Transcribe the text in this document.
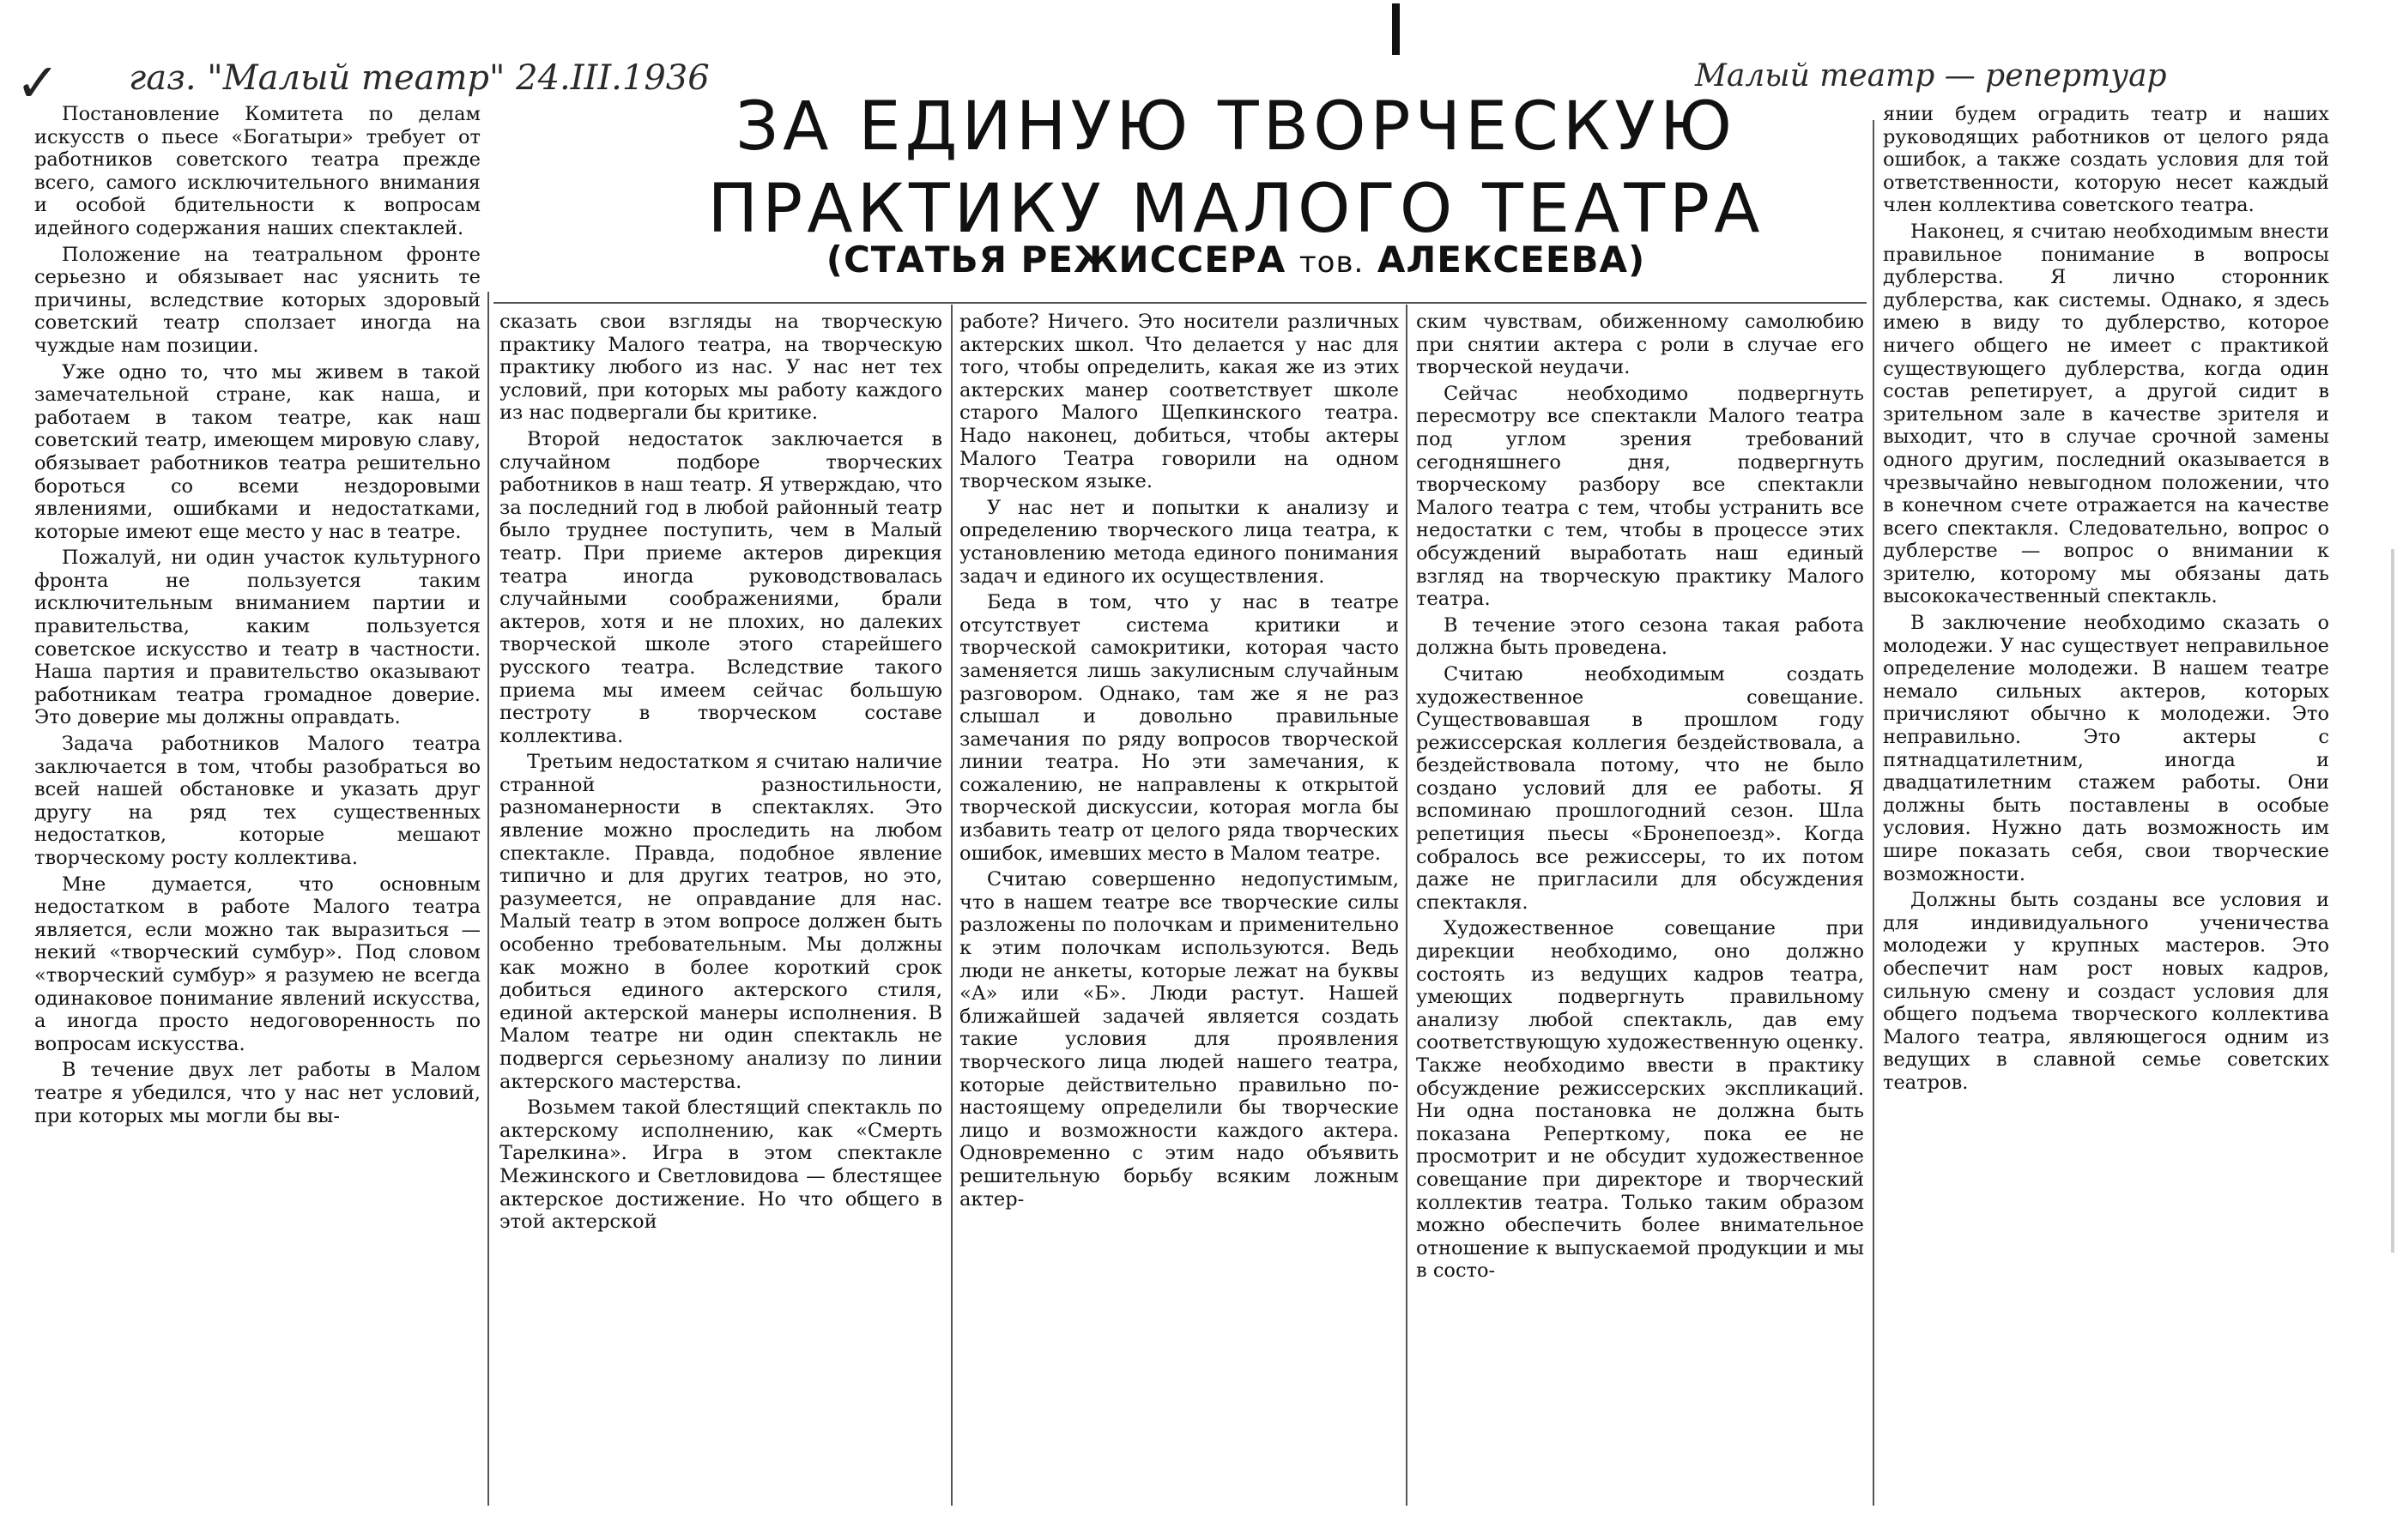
✓ газ. "Малый театр" 24.III.1936	Малый театр — репертуар
ЗА ЕДИНУЮ ТВОРЧЕСКУЮ
ПРАКТИКУ МАЛОГО ТЕАТРА
(СТАТЬЯ РЕЖИССЕРА тов. АЛЕКСЕЕВА)

Постановление Комитета по делам искусств о пьесе «Богатыри» требует от работников советского театра прежде всего, самого исключительного внимания и особой бдительности к вопросам идейного содержания наших спектаклей.

Положение на театральном фронте серьезно и обязывает нас уяснить те причины, вследствие которых здоровый советский театр сползает иногда на чуждые нам позиции.

Уже одно то, что мы живем в такой замечательной стране, как наша, и работаем в таком театре, как наш советский театр, имеющем мировую славу, обязывает работников театра решительно бороться со всеми нездоровыми явлениями, ошибками и недостатками, которые имеют еще место у нас в театре.

Пожалуй, ни один участок культурного фронта не пользуется таким исключительным вниманием партии и правительства, каким пользуется советское искусство и театр в частности. Наша партия и правительство оказывают работникам театра громадное доверие. Это доверие мы должны оправдать.

Задача работников Малого театра заключается в том, чтобы разобраться во всей нашей обстановке и указать друг другу на ряд тех существенных недостатков, которые мешают творческому росту коллектива.

Мне думается, что основным недостатком в работе Малого театра является, если можно так выразиться — некий «творческий сумбур». Под словом «творческий сумбур» я разумею не всегда одинаковое понимание явлений искусства, а иногда просто недоговоренность по вопросам искусства.

В течение двух лет работы в Малом театре я убедился, что у нас нет условий, при которых мы могли бы вы-

сказать свои взгляды на творческую практику Малого театра, на творческую практику любого из нас. У нас нет тех условий, при которых мы работу каждого из нас подвергали бы критике.

Второй недостаток заключается в случайном подборе творческих работников в наш театр. Я утверждаю, что за последний год в любой районный театр было труднее поступить, чем в Малый театр. При приеме актеров дирекция театра иногда руководствовалась случайными соображениями, брали актеров, хотя и не плохих, но далеких творческой школе этого старейшего русского театра. Вследствие такого приема мы имеем сейчас большую пестроту в творческом составе коллектива.

Третьим недостатком я считаю наличие странной разностильности, разноманерности в спектаклях. Это явление можно проследить на любом спектакле. Правда, подобное явление типично и для других театров, но это, разумеется, не оправдание для нас. Малый театр в этом вопросе должен быть особенно требовательным. Мы должны как можно в более короткий срок добиться единого актерского стиля, единой актерской манеры исполнения. В Малом театре ни один спектакль не подвергся серьезному анализу по линии актерского мастерства.

Возьмем такой блестящий спектакль по актерскому исполнению, как «Смерть Тарелкина». Игра в этом спектакле Межинского и Светловидова — блестящее актерское достижение. Но что общего в этой актерской

работе? Ничего. Это носители различных актерских школ. Что делается у нас для того, чтобы определить, какая же из этих актерских манер соответствует школе старого Малого Щепкинского театра. Надо наконец, добиться, чтобы актеры Малого Театра говорили на одном творческом языке.

У нас нет и попытки к анализу и определению творческого лица театра, к установлению метода единого понимания задач и единого их осуществления.

Беда в том, что у нас в театре отсутствует система критики и творческой самокритики, которая часто заменяется лишь закулисным случайным разговором. Однако, там же я не раз слышал и довольно правильные замечания по ряду вопросов творческой линии театра. Но эти замечания, к сожалению, не направлены к открытой творческой дискуссии, которая могла бы избавить театр от целого ряда творческих ошибок, имевших место в Малом театре.

Считаю совершенно недопустимым, что в нашем театре все творческие силы разложены по полочкам и применительно к этим полочкам используются. Ведь люди не анкеты, которые лежат на буквы «А» или «Б». Люди растут. Нашей ближайшей задачей является создать такие условия для проявления творческого лица людей нашего театра, которые действительно правильно по-настоящему определили бы творческие лицо и возможности каждого актера. Одновременно с этим надо объявить решительную борьбу всяким ложным актер-

ским чувствам, обиженному самолюбию при снятии актера с роли в случае его творческой неудачи.

Сейчас необходимо подвергнуть пересмотру все спектакли Малого театра под углом зрения требований сегодняшнего дня, подвергнуть творческому разбору все спектакли Малого театра с тем, чтобы устранить все недостатки с тем, чтобы в процессе этих обсуждений выработать наш единый взгляд на творческую практику Малого театра.

В течение этого сезона такая работа должна быть проведена.

Считаю необходимым создать художественное совещание. Существовавшая в прошлом году режиссерская коллегия бездействовала, а бездействовала потому, что не было создано условий для ее работы. Я вспоминаю прошлогодний сезон. Шла репетиция пьесы «Бронепоезд». Когда собралось все режиссеры, то их потом даже не пригласили для обсуждения спектакля.

Художественное совещание при дирекции необходимо, оно должно состоять из ведущих кадров театра, умеющих подвергнуть правильному анализу любой спектакль, дав ему соответствующую художественную оценку. Также необходимо ввести в практику обсуждение режиссерских экспликаций. Ни одна постановка не должна быть показана Реперткому, пока ее не просмотрит и не обсудит художественное совещание при директоре и творческий коллектив театра. Только таким образом можно обеспечить более внимательное отношение к выпускаемой продукции и мы в состо-

янии будем оградить театр и наших руководящих работников от целого ряда ошибок, а также создать условия для той ответственности, которую несет каждый член коллектива советского театра.

Наконец, я считаю необходимым внести правильное понимание в вопросы дублерства. Я лично сторонник дублерства, как системы. Однако, я здесь имею в виду то дублерство, которое ничего общего не имеет с практикой существующего дублерства, когда один состав репетирует, а другой сидит в зрительном зале в качестве зрителя и выходит, что в случае срочной замены одного другим, последний оказывается в чрезвычайно невыгодном положении, что в конечном счете отражается на качестве всего спектакля. Следовательно, вопрос о дублерстве — вопрос о внимании к зрителю, которому мы обязаны дать высококачественный спектакль.

В заключение необходимо сказать о молодежи. У нас существует неправильное определение молодежи. В нашем театре немало сильных актеров, которых причисляют обычно к молодежи. Это неправильно. Это актеры с пятнадцатилетним, иногда и двадцатилетним стажем работы. Они должны быть поставлены в особые условия. Нужно дать возможность им шире показать себя, свои творческие возможности.

Должны быть созданы все условия и для индивидуального ученичества молодежи у крупных мастеров. Это обеспечит нам рост новых кадров, сильную смену и создаст условия для общего подъема творческого коллектива Малого театра, являющегося одним из ведущих в славной семье советских театров.
